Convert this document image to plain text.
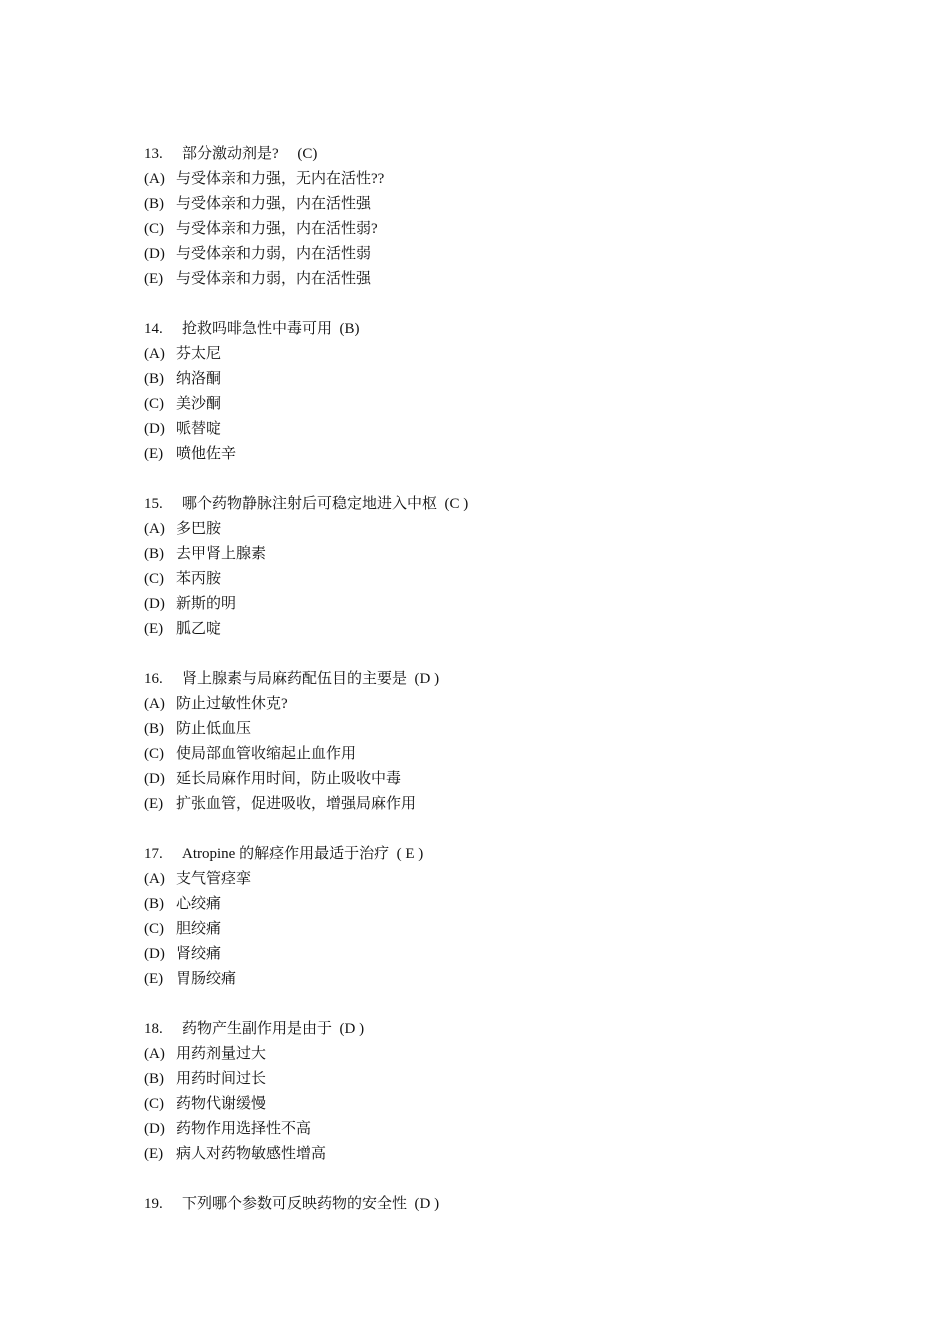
13. 部分激动剂是?     (C)
(A) 与受体亲和力强，无内在活性??
(B) 与受体亲和力强，内在活性强
(C) 与受体亲和力强，内在活性弱?
(D) 与受体亲和力弱，内在活性弱
(E) 与受体亲和力弱，内在活性强
14. 抢救吗啡急性中毒可用  (B)
(A) 芬太尼
(B) 纳洛酮
(C) 美沙酮
(D) 哌替啶
(E) 喷他佐辛
15. 哪个药物静脉注射后可稳定地进入中枢  (C )
(A) 多巴胺
(B) 去甲肾上腺素
(C) 苯丙胺
(D) 新斯的明
(E) 胍乙啶
16. 肾上腺素与局麻药配伍目的主要是  (D )
(A) 防止过敏性休克?
(B) 防止低血压
(C) 使局部血管收缩起止血作用
(D) 延长局麻作用时间，防止吸收中毒
(E) 扩张血管，促进吸收，增强局麻作用
17. Atropine 的解痉作用最适于治疗  ( E )
(A) 支气管痉挛
(B) 心绞痛
(C) 胆绞痛
(D) 肾绞痛
(E) 胃肠绞痛
18. 药物产生副作用是由于  (D )
(A) 用药剂量过大
(B) 用药时间过长
(C) 药物代谢缓慢
(D) 药物作用选择性不高
(E) 病人对药物敏感性增高
19. 下列哪个参数可反映药物的安全性  (D )
